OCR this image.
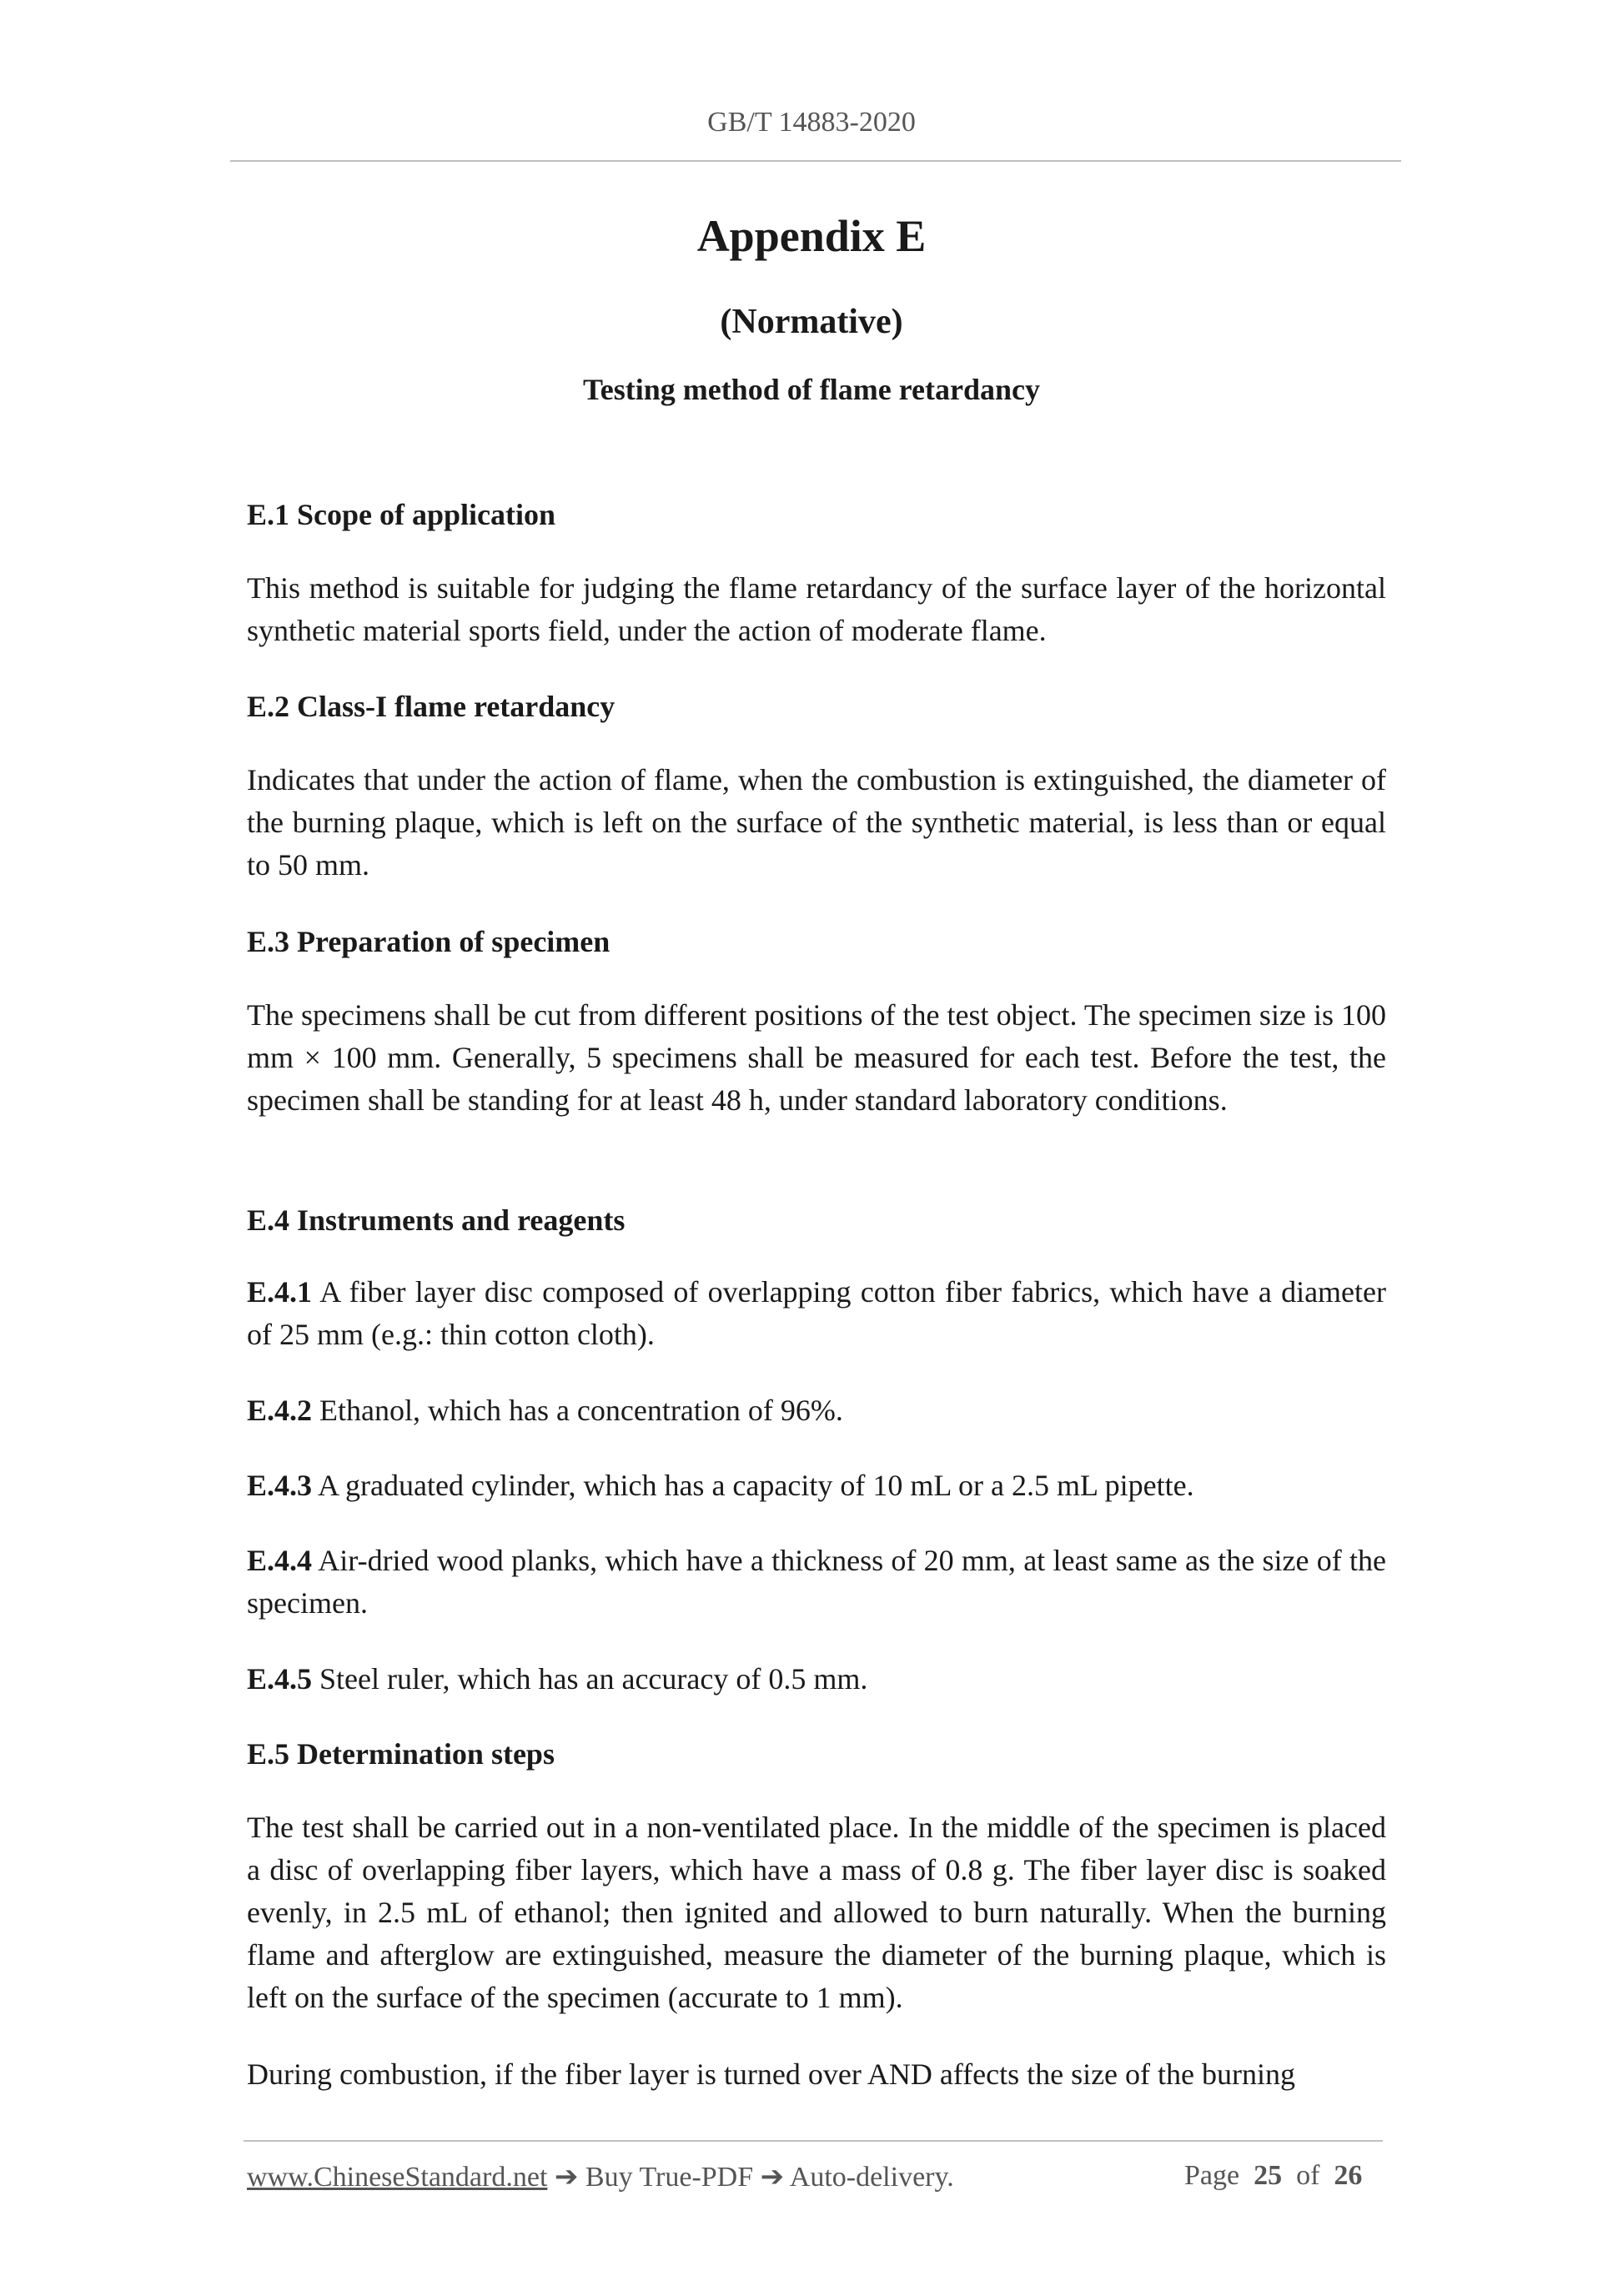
GB/T 14883-2020
Appendix E
(Normative)
Testing method of flame retardancy
E.1 Scope of application

This method is suitable for judging the flame retardancy of the surface layer of the horizontal synthetic material sports field, under the action of moderate flame.

E.2 Class-I flame retardancy

Indicates that under the action of flame, when the combustion is extinguished, the diameter of the burning plaque, which is left on the surface of the synthetic material, is less than or equal to 50 mm.

E.3 Preparation of specimen

The specimens shall be cut from different positions of the test object. The specimen size is 100 mm × 100 mm. Generally, 5 specimens shall be measured for each test. Before the test, the specimen shall be standing for at least 48 h, under standard laboratory conditions.

E.4 Instruments and reagents

E.4.1 A fiber layer disc composed of overlapping cotton fiber fabrics, which have a diameter of 25 mm (e.g.: thin cotton cloth).

E.4.2 Ethanol, which has a concentration of 96%.

E.4.3 A graduated cylinder, which has a capacity of 10 mL or a 2.5 mL pipette.

E.4.4 Air-dried wood planks, which have a thickness of 20 mm, at least same as the size of the specimen.

E.4.5 Steel ruler, which has an accuracy of 0.5 mm.

E.5 Determination steps

The test shall be carried out in a non-ventilated place. In the middle of the specimen is placed a disc of overlapping fiber layers, which have a mass of 0.8 g. The fiber layer disc is soaked evenly, in 2.5 mL of ethanol; then ignited and allowed to burn naturally. When the burning flame and afterglow are extinguished, measure the diameter of the burning plaque, which is left on the surface of the specimen (accurate to 1 mm).

During combustion, if the fiber layer is turned over AND affects the size of the burning

www.ChineseStandard.net ➔ Buy True-PDF ➔ Auto-delivery.	Page 25 of 26
